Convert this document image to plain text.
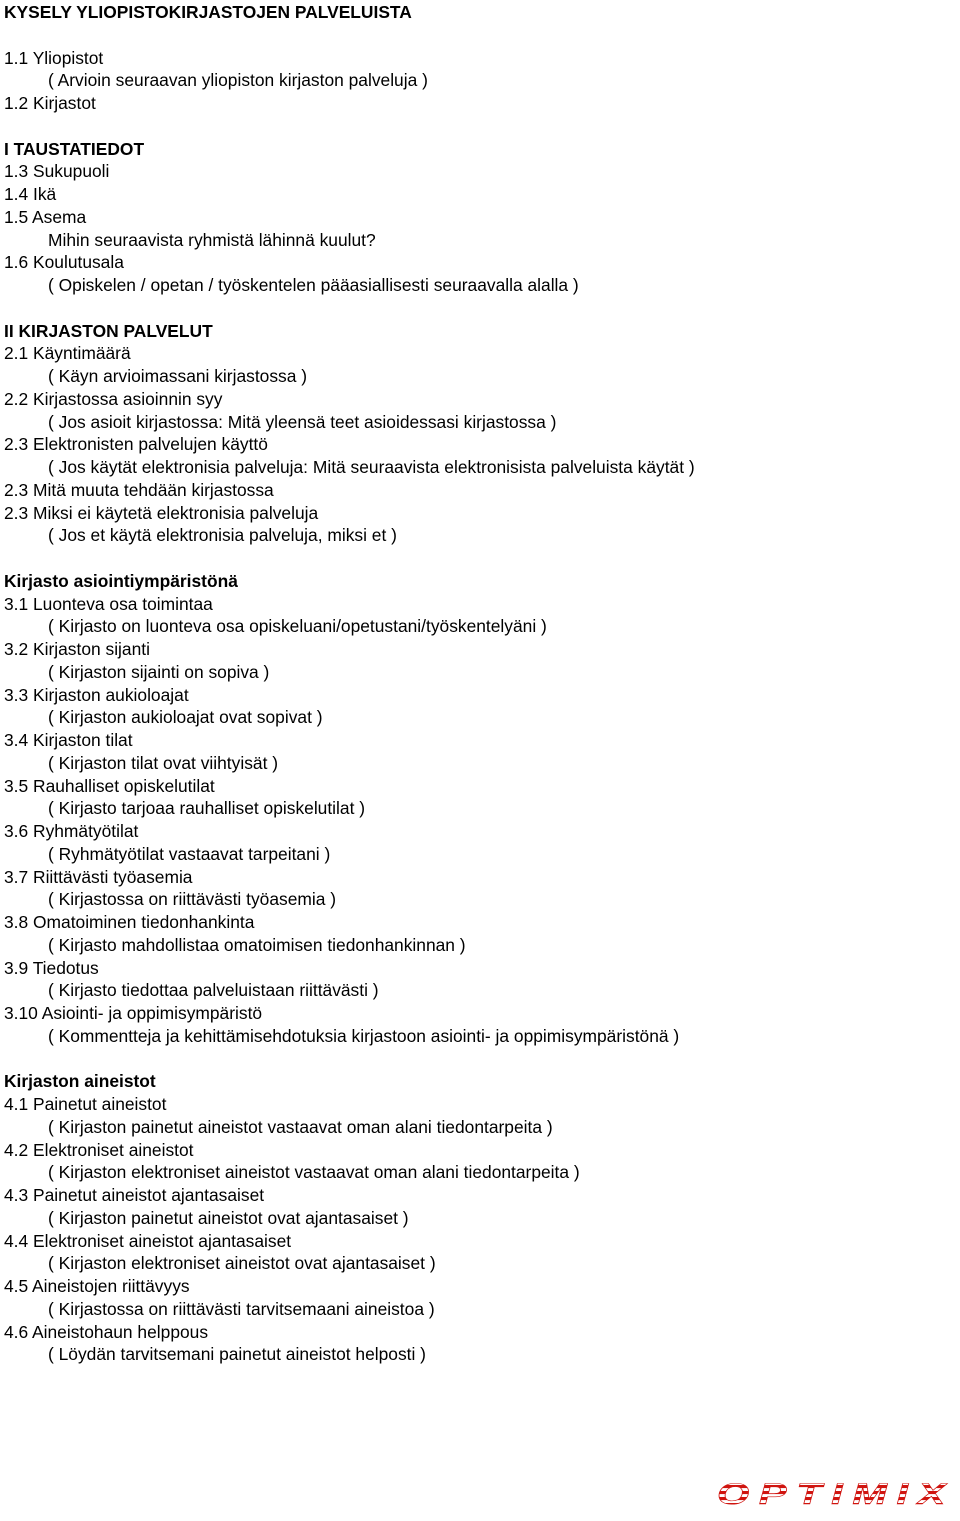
KYSELY YLIOPISTOKIRJASTOJEN PALVELUISTA
1.1 Yliopistot
( Arvioin seuraavan yliopiston kirjaston palveluja )
1.2 Kirjastot
I TAUSTATIEDOT
1.3 Sukupuoli
1.4 Ikä
1.5 Asema
Mihin seuraavista ryhmistä lähinnä kuulut?
1.6 Koulutusala
( Opiskelen / opetan / työskentelen pääasiallisesti seuraavalla alalla )
II KIRJASTON PALVELUT
2.1 Käyntimäärä
( Käyn arvioimassani kirjastossa )
2.2 Kirjastossa asioinnin syy
( Jos asioit kirjastossa: Mitä yleensä teet asioidessasi kirjastossa )
2.3 Elektronisten palvelujen käyttö
( Jos käytät elektronisia palveluja: Mitä seuraavista elektronisista palveluista käytät )
2.3 Mitä muuta tehdään kirjastossa
2.3 Miksi ei käytetä elektronisia palveluja
( Jos et käytä elektronisia palveluja, miksi et )
Kirjasto asiointiympäristönä
3.1 Luonteva osa toimintaa
( Kirjasto on luonteva osa opiskeluani/opetustani/työskentelyäni )
3.2 Kirjaston sijanti
( Kirjaston sijainti on sopiva )
3.3 Kirjaston aukioloajat
( Kirjaston aukioloajat ovat sopivat )
3.4 Kirjaston tilat
( Kirjaston tilat ovat viihtyisät )
3.5 Rauhalliset opiskelutilat
( Kirjasto tarjoaa rauhalliset opiskelutilat )
3.6 Ryhmätyötilat
( Ryhmätyötilat vastaavat tarpeitani )
3.7 Riittävästi työasemia
( Kirjastossa on riittävästi työasemia )
3.8 Omatoiminen tiedonhankinta
( Kirjasto mahdollistaa omatoimisen tiedonhankinnan )
3.9 Tiedotus
( Kirjasto tiedottaa palveluistaan riittävästi )
3.10 Asiointi- ja oppimisympäristö
( Kommentteja ja kehittämisehdotuksia kirjastoon asiointi- ja oppimisympäristönä )
Kirjaston aineistot
4.1 Painetut aineistot
( Kirjaston painetut aineistot vastaavat oman alani tiedontarpeita )
4.2 Elektroniset aineistot
( Kirjaston elektroniset aineistot vastaavat oman alani tiedontarpeita )
4.3 Painetut aineistot ajantasaiset
( Kirjaston painetut aineistot ovat ajantasaiset )
4.4 Elektroniset aineistot ajantasaiset
( Kirjaston elektroniset aineistot ovat ajantasaiset )
4.5 Aineistojen riittävyys
( Kirjastossa on riittävästi tarvitsemaani aineistoa )
4.6 Aineistohaun helppous
( Löydän tarvitsemani painetut aineistot helposti )
OPTIMIX
